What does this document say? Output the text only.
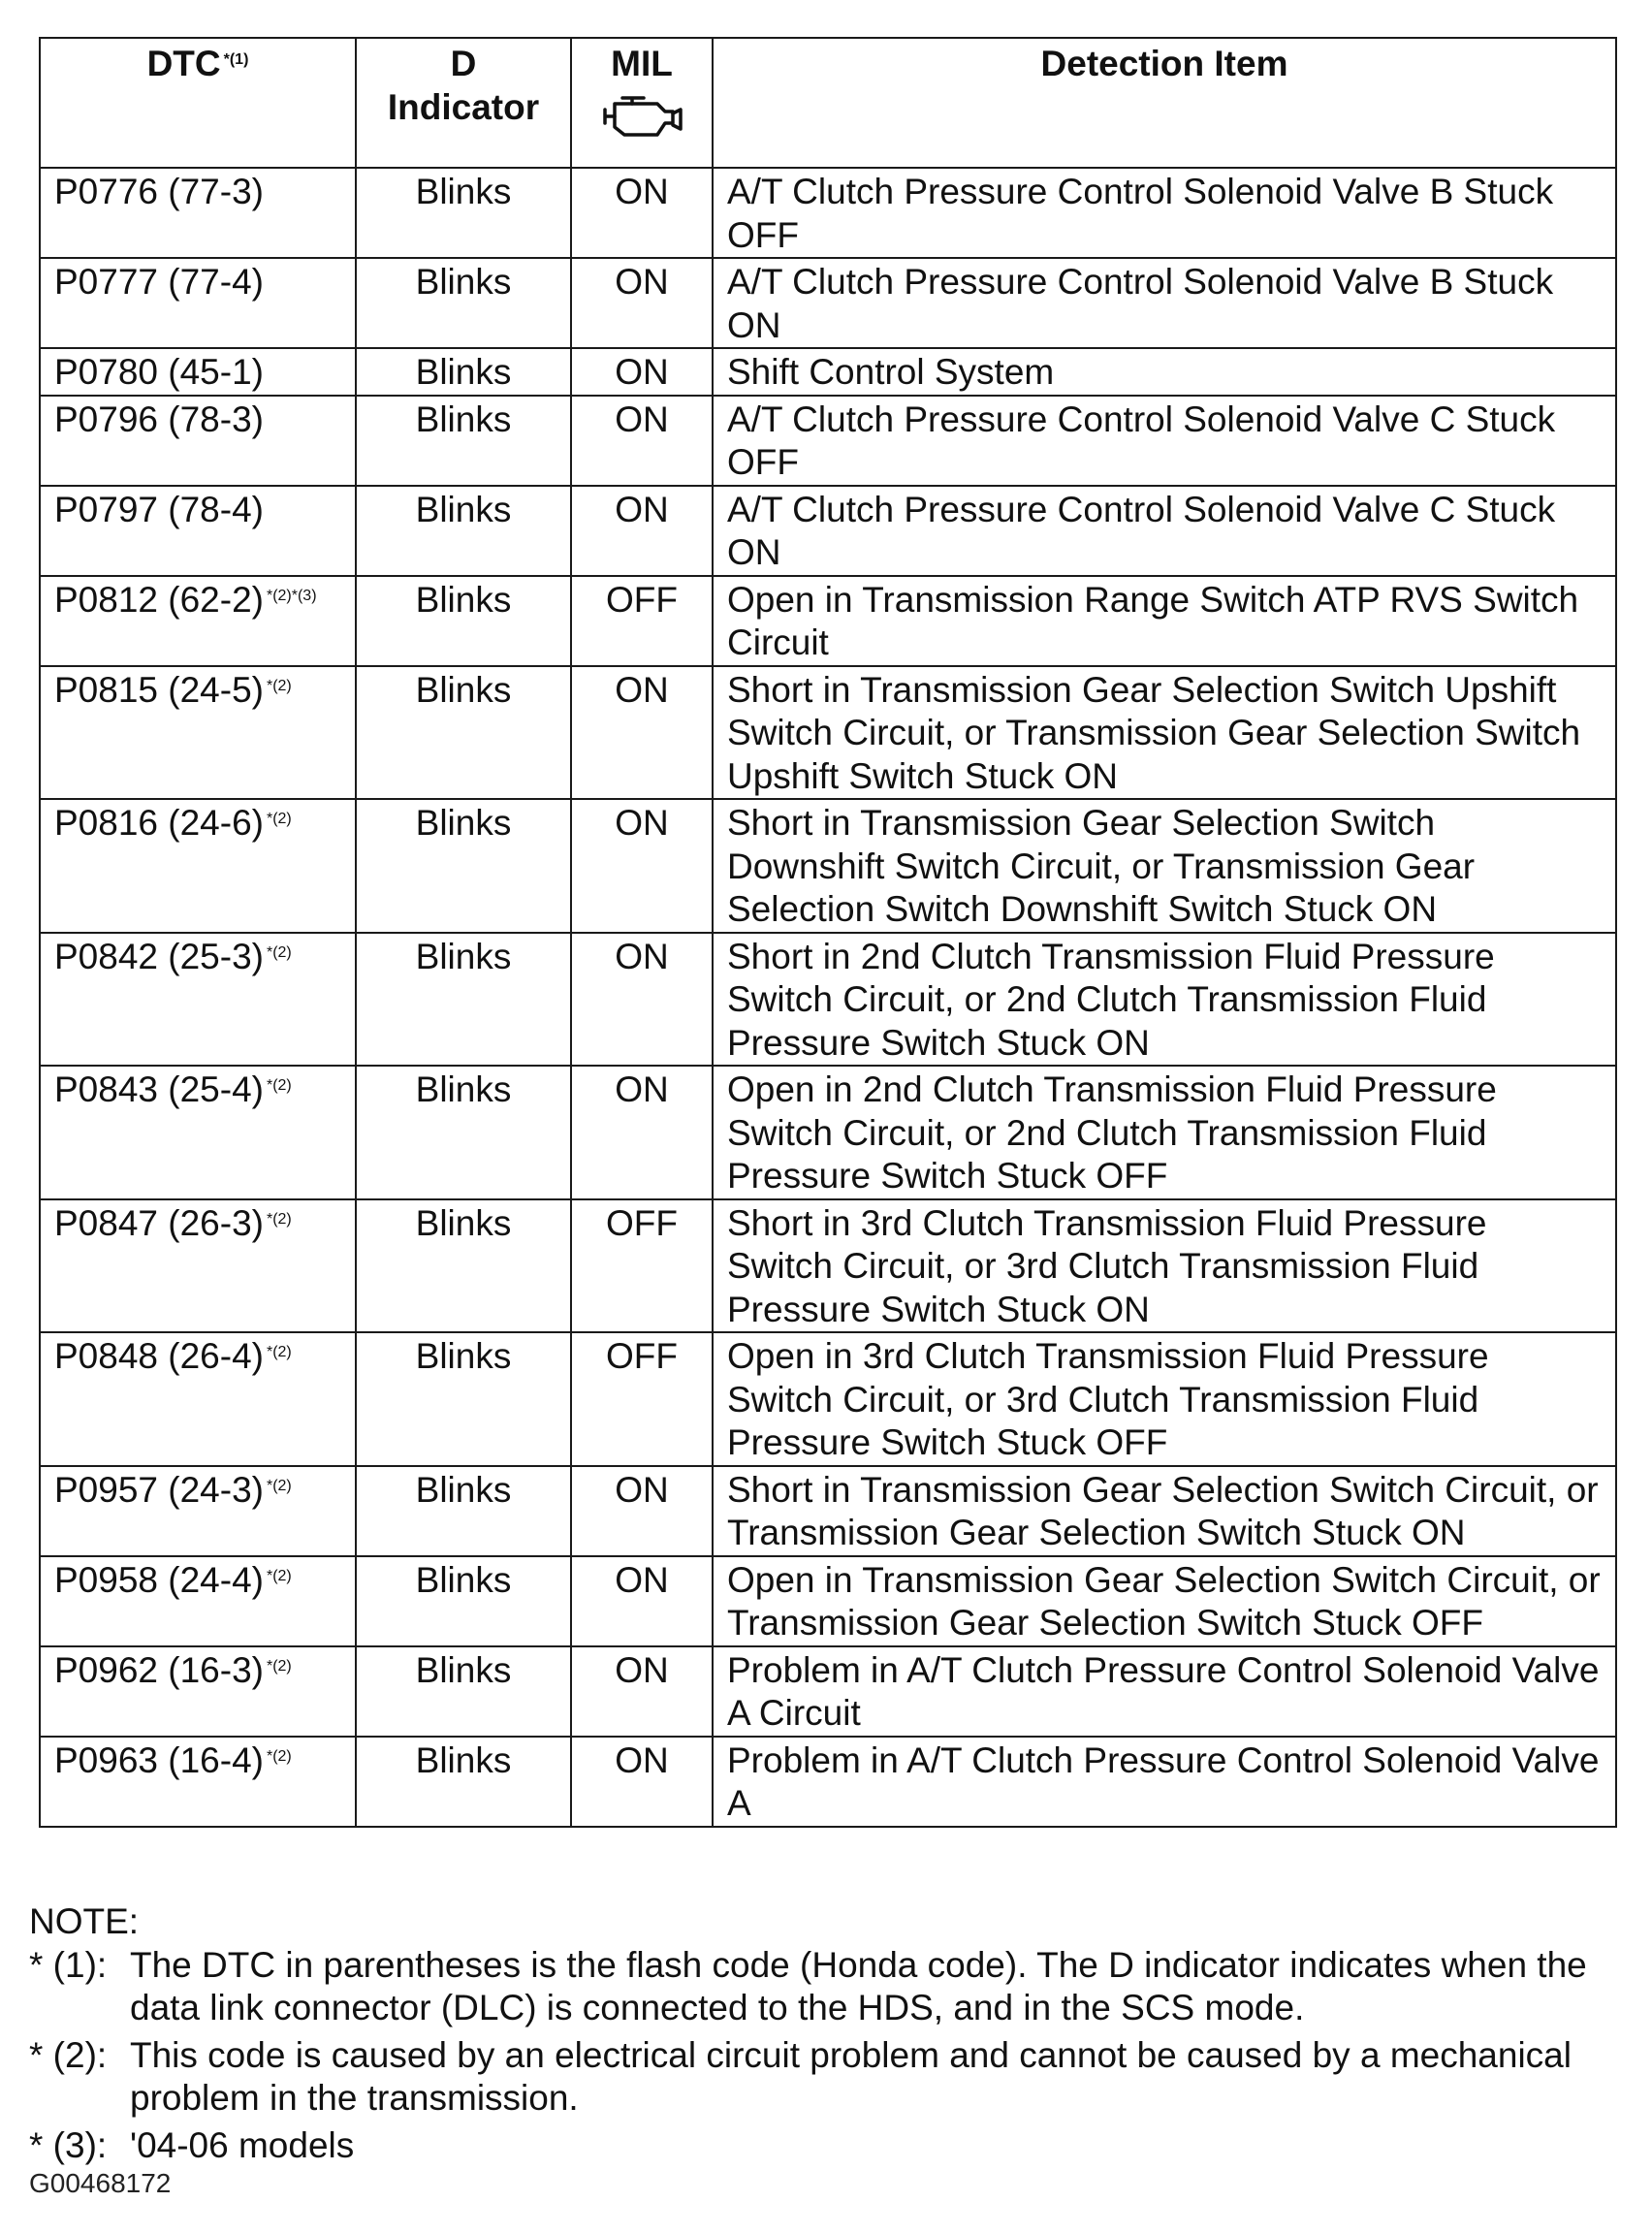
DTC $^{*(1)}$	D Indicator	MIL	Detection Item
P0776 (77-3)	Blinks	ON	A/T Clutch Pressure Control Solenoid Valve B Stuck OFF
P0777 (77-4)	Blinks	ON	A/T Clutch Pressure Control Solenoid Valve B Stuck ON
P0780 (45-1)	Blinks	ON	Shift Control System
P0796 (78-3)	Blinks	ON	A/T Clutch Pressure Control Solenoid Valve C Stuck OFF
P0797 (78-4)	Blinks	ON	A/T Clutch Pressure Control Solenoid Valve C Stuck ON
P0812 (62-2) $^{*(2)*(3)}$	Blinks	OFF	Open in Transmission Range Switch ATP RVS Switch Circuit
P0815 (24-5) $^{*(2)}$	Blinks	ON	Short in Transmission Gear Selection Switch Upshift Switch Circuit, or Transmission Gear Selection Switch Upshift Switch Stuck ON
P0816 (24-6) $^{*(2)}$	Blinks	ON	Short in Transmission Gear Selection Switch Downshift Switch Circuit, or Transmission Gear Selection Switch Downshift Switch Stuck ON
P0842 (25-3) $^{*(2)}$	Blinks	ON	Short in 2nd Clutch Transmission Fluid Pressure Switch Circuit, or 2nd Clutch Transmission Fluid Pressure Switch Stuck ON
P0843 (25-4) $^{*(2)}$	Blinks	ON	Open in 2nd Clutch Transmission Fluid Pressure Switch Circuit, or 2nd Clutch Transmission Fluid Pressure Switch Stuck OFF
P0847 (26-3) $^{*(2)}$	Blinks	OFF	Short in 3rd Clutch Transmission Fluid Pressure Switch Circuit, or 3rd Clutch Transmission Fluid Pressure Switch Stuck ON
P0848 (26-4) $^{*(2)}$	Blinks	OFF	Open in 3rd Clutch Transmission Fluid Pressure Switch Circuit, or 3rd Clutch Transmission Fluid Pressure Switch Stuck OFF
P0957 (24-3) $^{*(2)}$	Blinks	ON	Short in Transmission Gear Selection Switch Circuit, or Transmission Gear Selection Switch Stuck ON
P0958 (24-4) $^{*(2)}$	Blinks	ON	Open in Transmission Gear Selection Switch Circuit, or Transmission Gear Selection Switch Stuck OFF
P0962 (16-3) $^{*(2)}$	Blinks	ON	Problem in A/T Clutch Pressure Control Solenoid Valve A Circuit
P0963 (16-4) $^{*(2)}$	Blinks	ON	Problem in A/T Clutch Pressure Control Solenoid Valve A

NOTE:

* (1): The DTC in parentheses is the flash code (Honda code). The D indicator indicates when the data link connector (DLC) is connected to the HDS, and in the SCS mode.
* (2): This code is caused by an electrical circuit problem and cannot be caused by a mechanical problem in the transmission.
* (3): '04-06 models
G00468172
